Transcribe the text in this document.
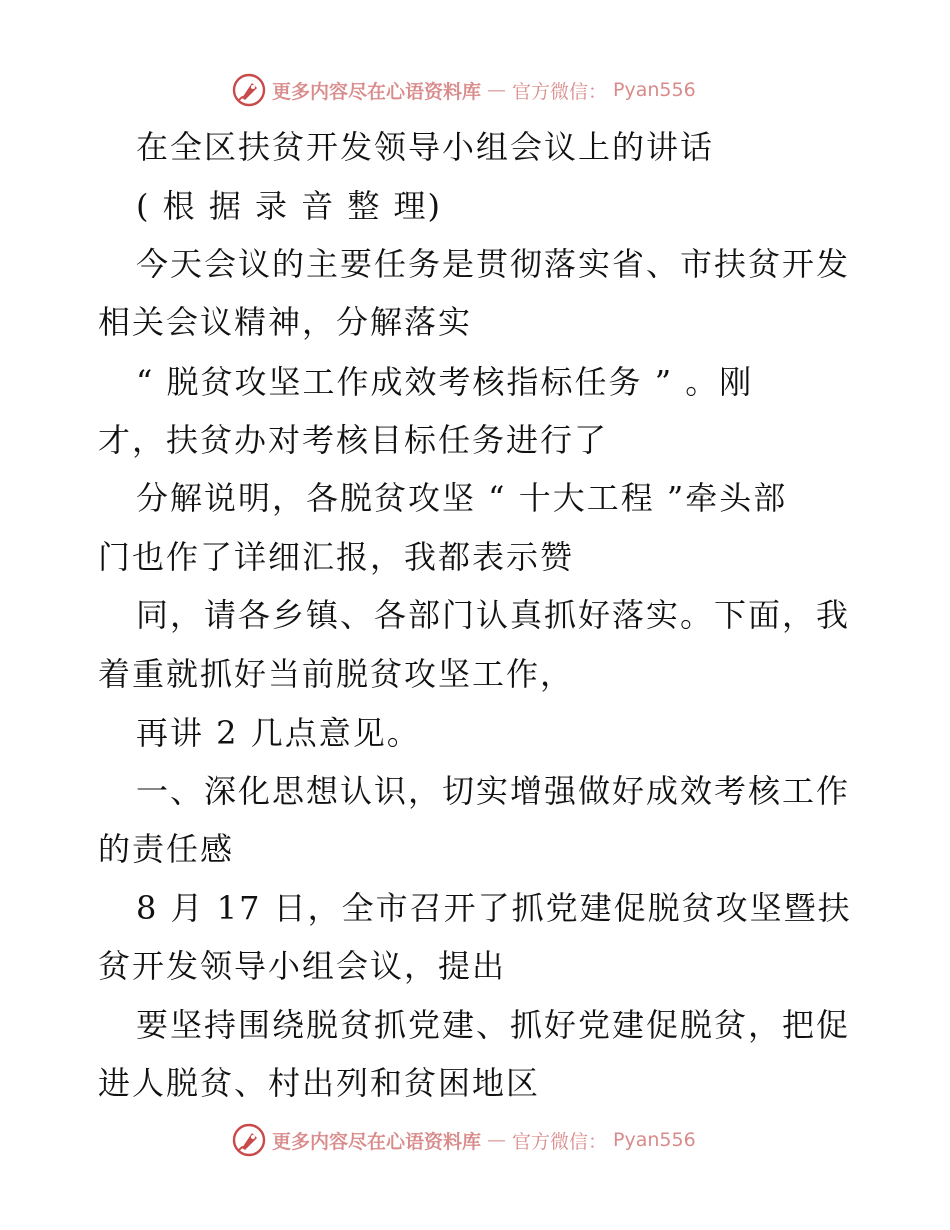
更多内容尽在心语资料库 — 官方微信： Pyan556
在全区扶贫开发领导小组会议上的讲话
( 根 据 录 音 整 理)
今天会议的主要任务是贯彻落实省、市扶贫开发
相关会议精神，分解落实
“ 脱贫攻坚工作成效考核指标任务 ” 。刚
才，扶贫办对考核目标任务进行了
分解说明，各脱贫攻坚 “ 十大工程 ”牵头部
门也作了详细汇报，我都表示赞
同，请各乡镇、各部门认真抓好落实。下面，我
着重就抓好当前脱贫攻坚工作，
再讲 2 几点意见。
一、深化思想认识，切实增强做好成效考核工作
的责任感
8 月 17 日，全市召开了抓党建促脱贫攻坚暨扶
贫开发领导小组会议，提出
要坚持围绕脱贫抓党建、抓好党建促脱贫，把促
进人脱贫、村出列和贫困地区
更多内容尽在心语资料库 — 官方微信： Pyan556
